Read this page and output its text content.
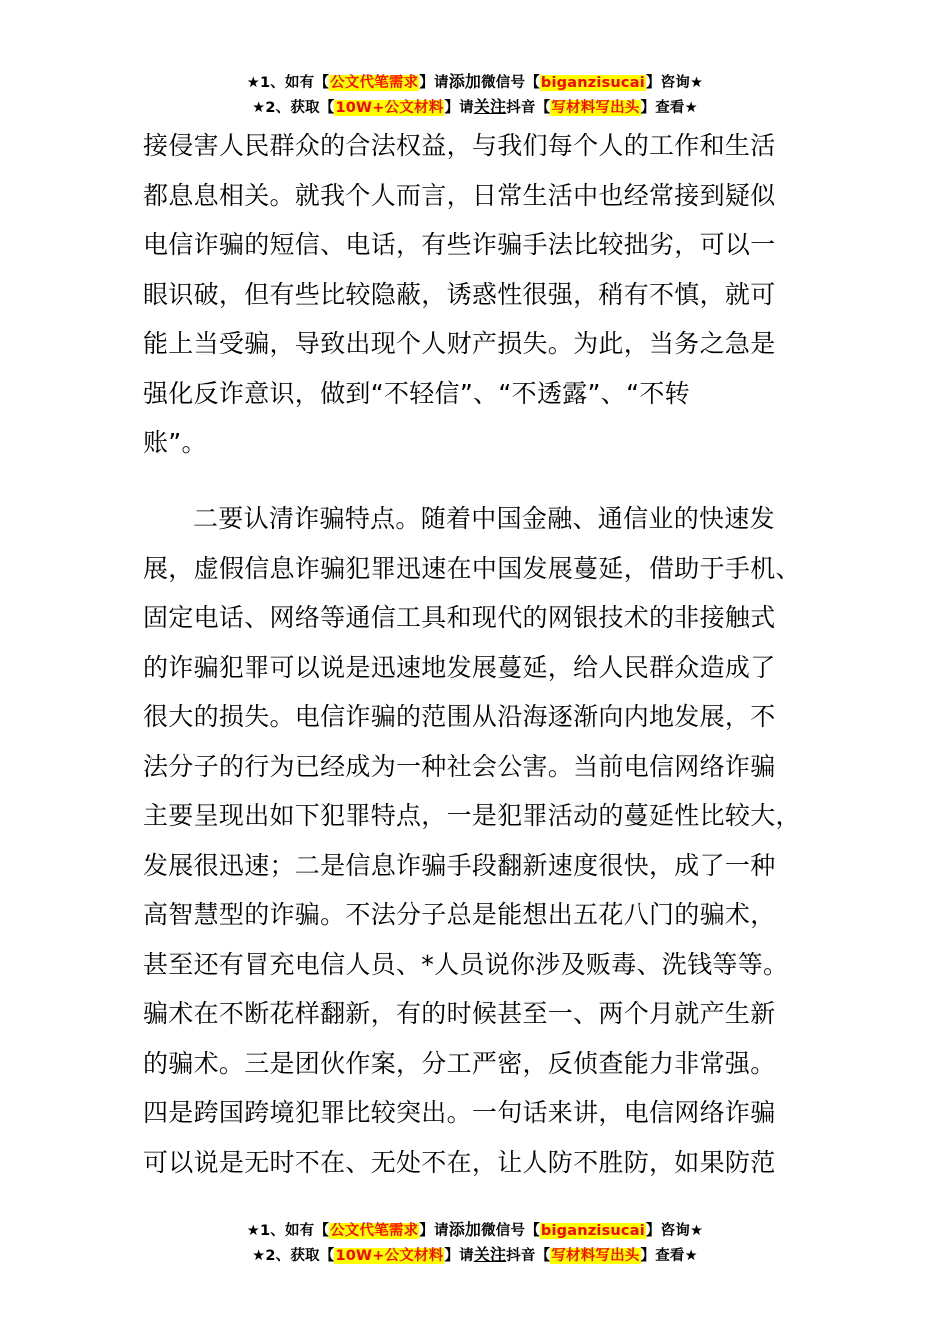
★1、如有【公文代笔需求】请添加微信号【biganzisucai】咨询★
★2、获取【10W+公文材料】请关注抖音【写材料写出头】查看★
接侵害人民群众的合法权益，与我们每个人的工作和生活
都息息相关。就我个人而言，日常生活中也经常接到疑似
电信诈骗的短信、电话，有些诈骗手法比较拙劣，可以一
眼识破，但有些比较隐蔽，诱惑性很强，稍有不慎，就可
能上当受骗，导致出现个人财产损失。为此，当务之急是
强化反诈意识，做到“不轻信”、“不透露”、“不转
账”。
二要认清诈骗特点。随着中国金融、通信业的快速发
展，虚假信息诈骗犯罪迅速在中国发展蔓延，借助于手机、
固定电话、网络等通信工具和现代的网银技术的非接触式
的诈骗犯罪可以说是迅速地发展蔓延，给人民群众造成了
很大的损失。电信诈骗的范围从沿海逐渐向内地发展，不
法分子的行为已经成为一种社会公害。当前电信网络诈骗
主要呈现出如下犯罪特点，一是犯罪活动的蔓延性比较大，
发展很迅速；二是信息诈骗手段翻新速度很快，成了一种
高智慧型的诈骗。不法分子总是能想出五花八门的骗术，
甚至还有冒充电信人员、*人员说你涉及贩毒、洗钱等等。
骗术在不断花样翻新，有的时候甚至一、两个月就产生新
的骗术。三是团伙作案，分工严密，反侦查能力非常强。
四是跨国跨境犯罪比较突出。一句话来讲，电信网络诈骗
可以说是无时不在、无处不在，让人防不胜防，如果防范
★1、如有【公文代笔需求】请添加微信号【biganzisucai】咨询★
★2、获取【10W+公文材料】请关注抖音【写材料写出头】查看★
